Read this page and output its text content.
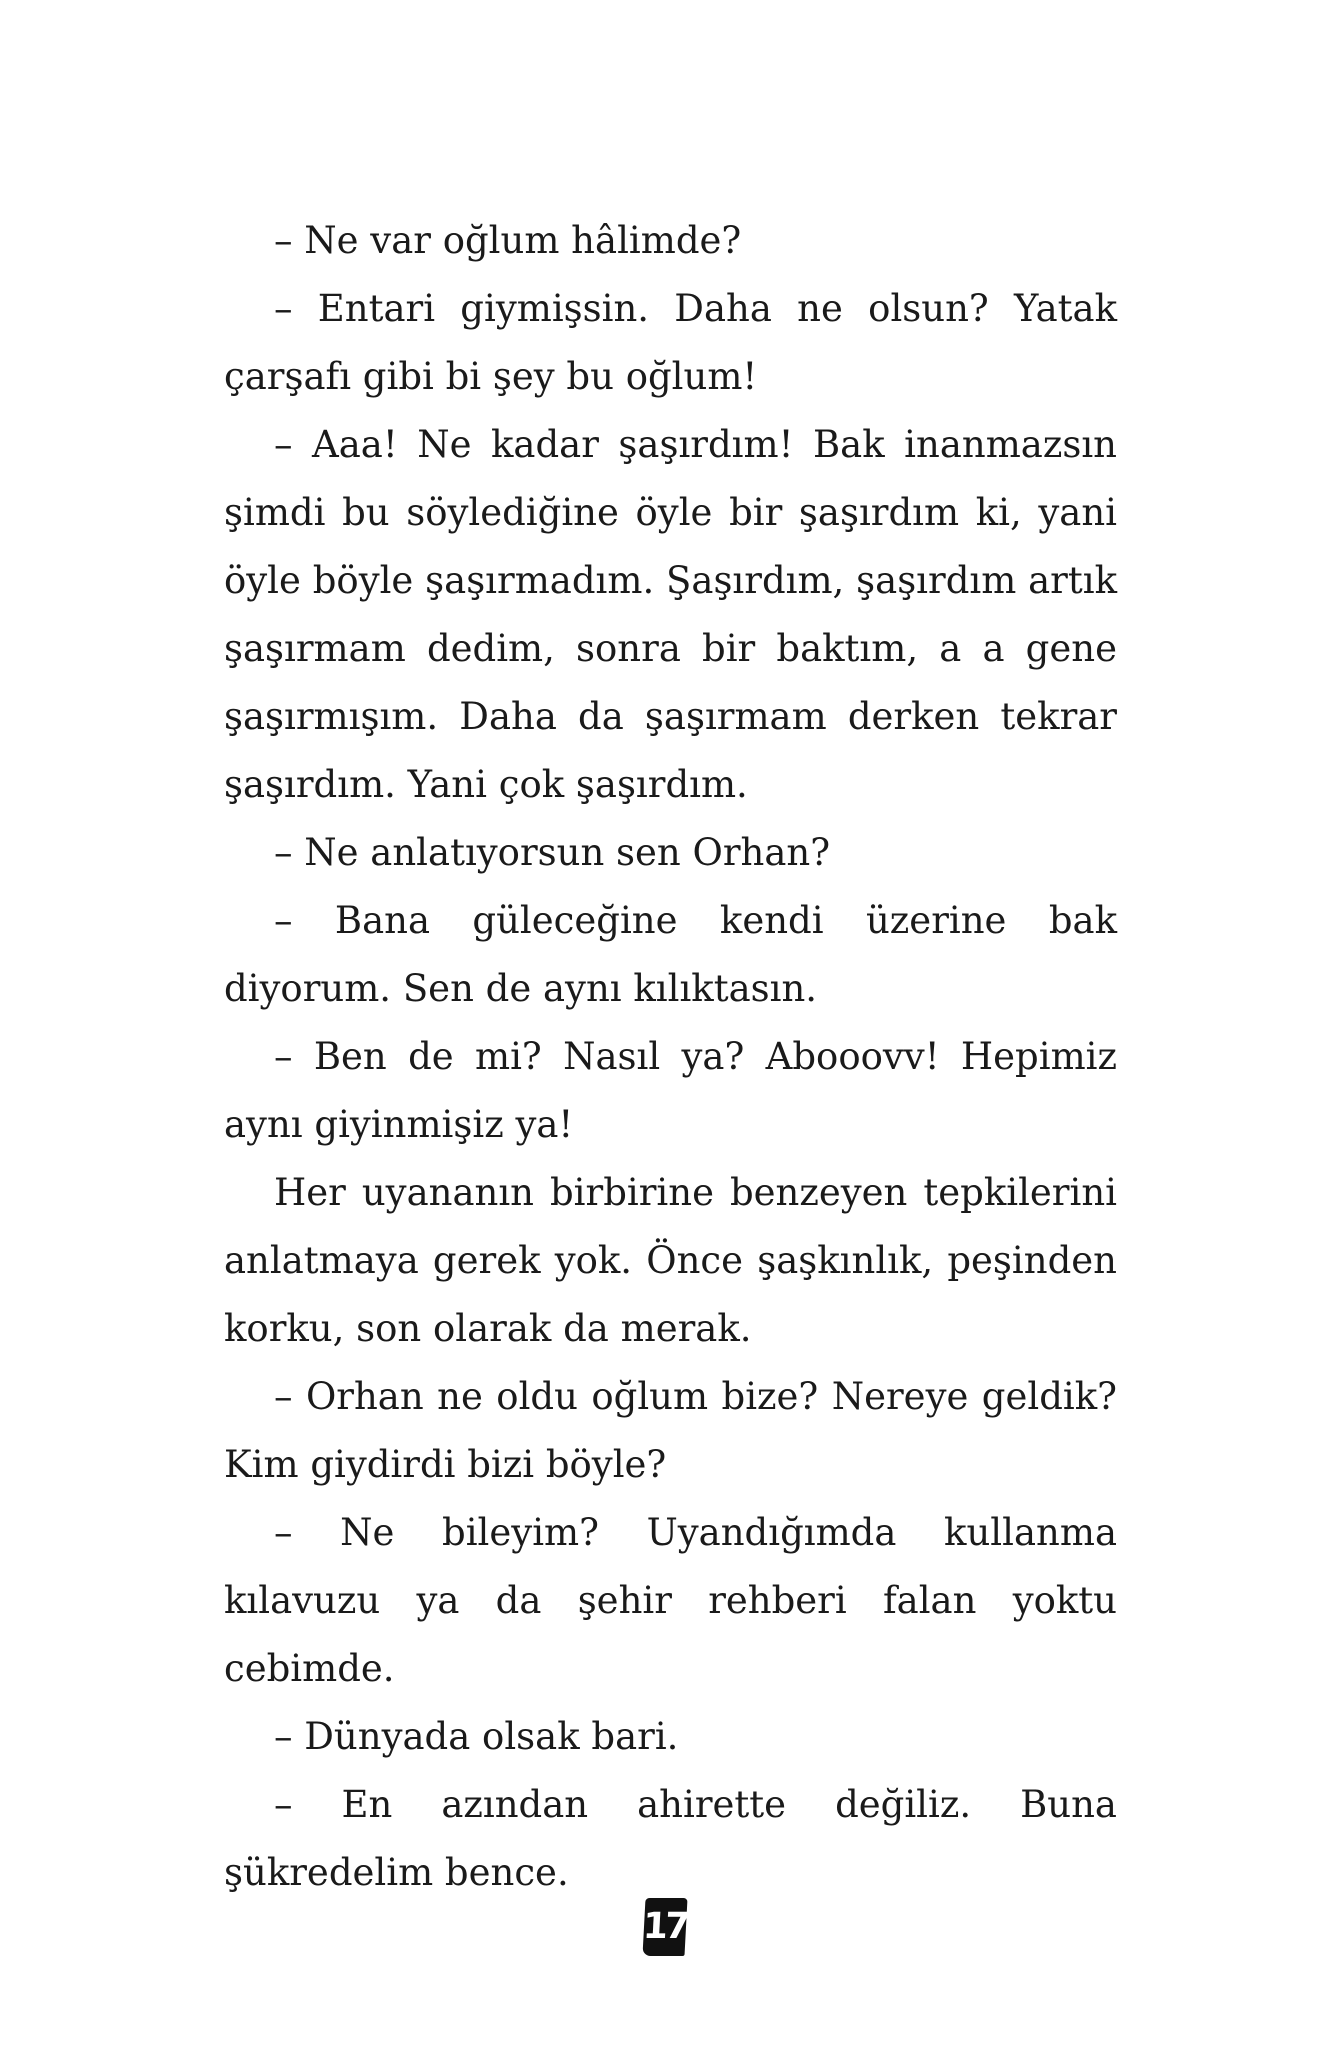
– Ne var oğlum hâlimde?

– Entari giymişsin. Daha ne olsun? Yatak çarşafı gibi bi şey bu oğlum!

– Aaa! Ne kadar şaşırdım! Bak inanmazsın şimdi bu söylediğine öyle bir şaşırdım ki, yani öyle böyle şaşırmadım. Şaşırdım, şaşırdım artık şaşırmam dedim, sonra bir baktım, a a gene şaşırmışım. Daha da şaşırmam derken tekrar şaşırdım. Yani çok şaşırdım.

– Ne anlatıyorsun sen Orhan?

– Bana güleceğine kendi üzerine bak diyorum. Sen de aynı kılıktasın.

– Ben de mi? Nasıl ya? Abooovv! Hepimiz aynı giyinmişiz ya!

Her uyananın birbirine benzeyen tepkilerini anlatmaya gerek yok. Önce şaşkınlık, peşinden korku, son olarak da merak.

– Orhan ne oldu oğlum bize? Nereye geldik? Kim giydirdi bizi böyle?

– Ne bileyim? Uyandığımda kullanma kılavuzu ya da şehir rehberi falan yoktu cebimde.

– Dünyada olsak bari.

– En azından ahirette değiliz. Buna şükredelim bence.

17
